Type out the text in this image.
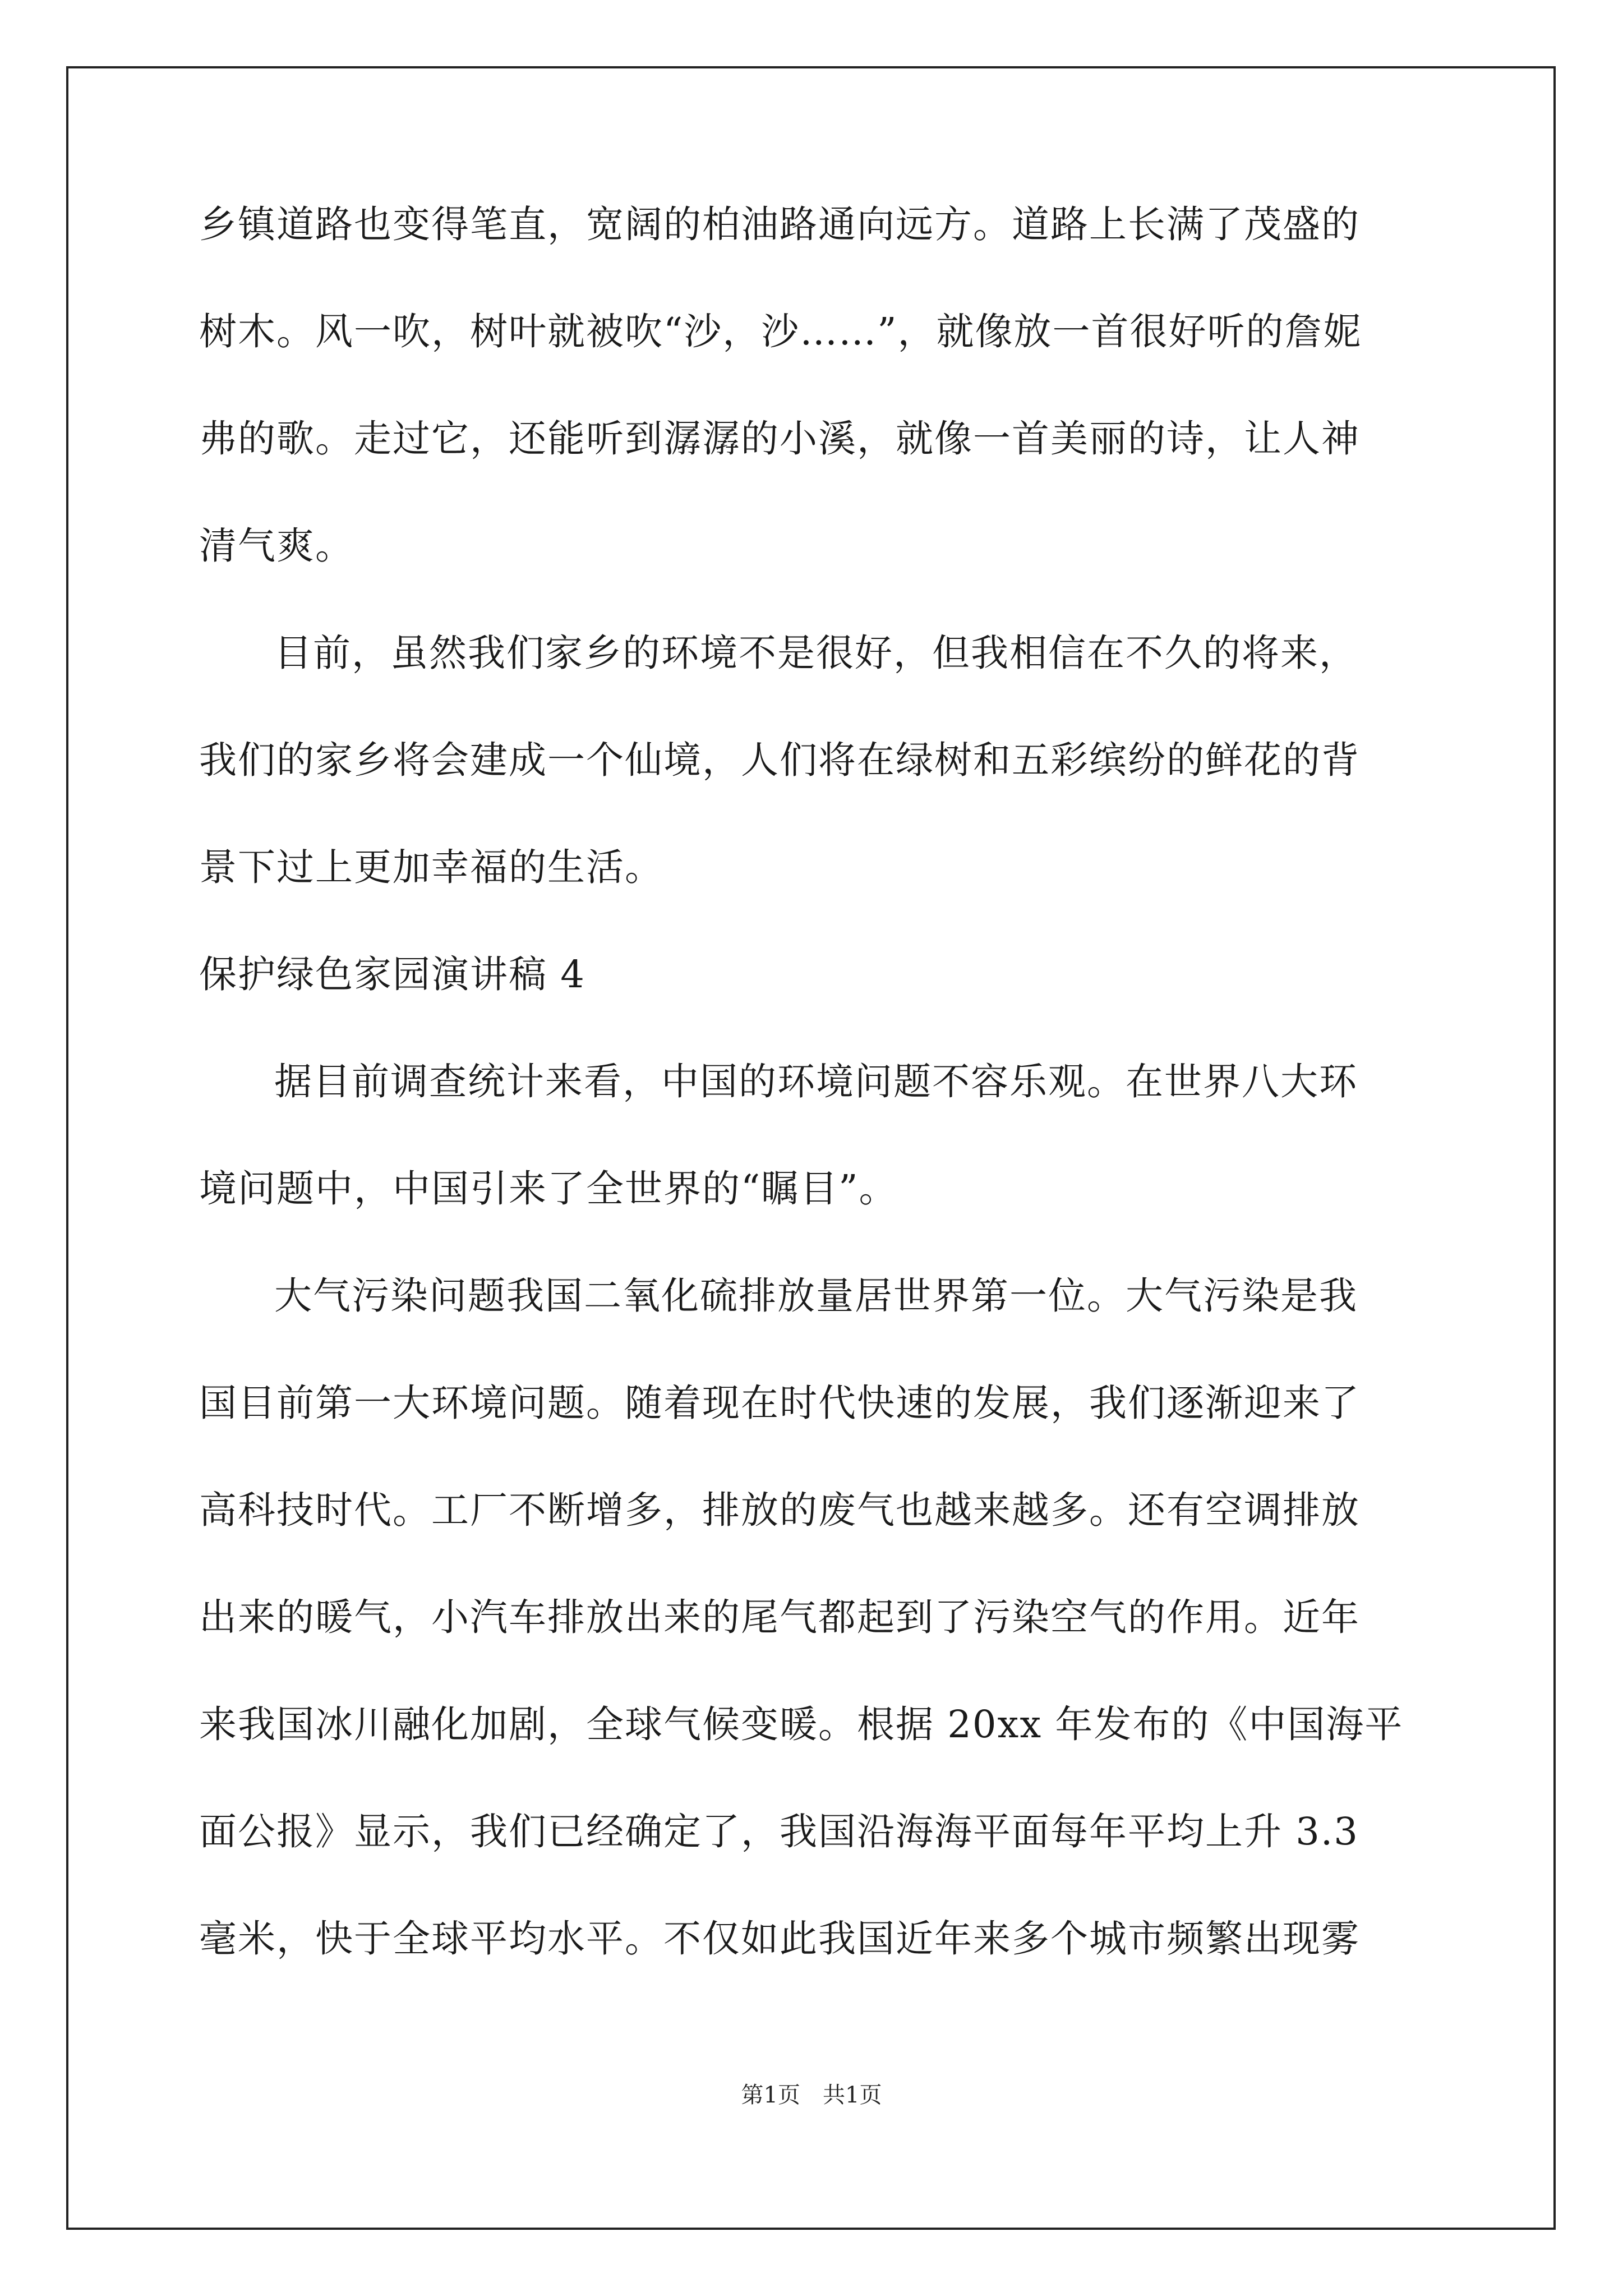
乡镇道路也变得笔直，宽阔的柏油路通向远方。道路上长满了茂盛的
树木。风一吹，树叶就被吹“沙，沙……”，就像放一首很好听的詹妮
弗的歌。走过它，还能听到潺潺的小溪，就像一首美丽的诗，让人神
清气爽。
目前，虽然我们家乡的环境不是很好，但我相信在不久的将来，
我们的家乡将会建成一个仙境，人们将在绿树和五彩缤纷的鲜花的背
景下过上更加幸福的生活。
保护绿色家园演讲稿 4
据目前调查统计来看，中国的环境问题不容乐观。在世界八大环
境问题中，中国引来了全世界的“瞩目”。
大气污染问题我国二氧化硫排放量居世界第一位。大气污染是我
国目前第一大环境问题。随着现在时代快速的发展，我们逐渐迎来了
高科技时代。工厂不断增多，排放的废气也越来越多。还有空调排放
出来的暖气，小汽车排放出来的尾气都起到了污染空气的作用。近年
来我国冰川融化加剧，全球气候变暖。根据 20xx 年发布的《中国海平
面公报》显示，我们已经确定了，我国沿海海平面每年平均上升 3.3
毫米，快于全球平均水平。不仅如此我国近年来多个城市频繁出现雾
第1页　共1页
